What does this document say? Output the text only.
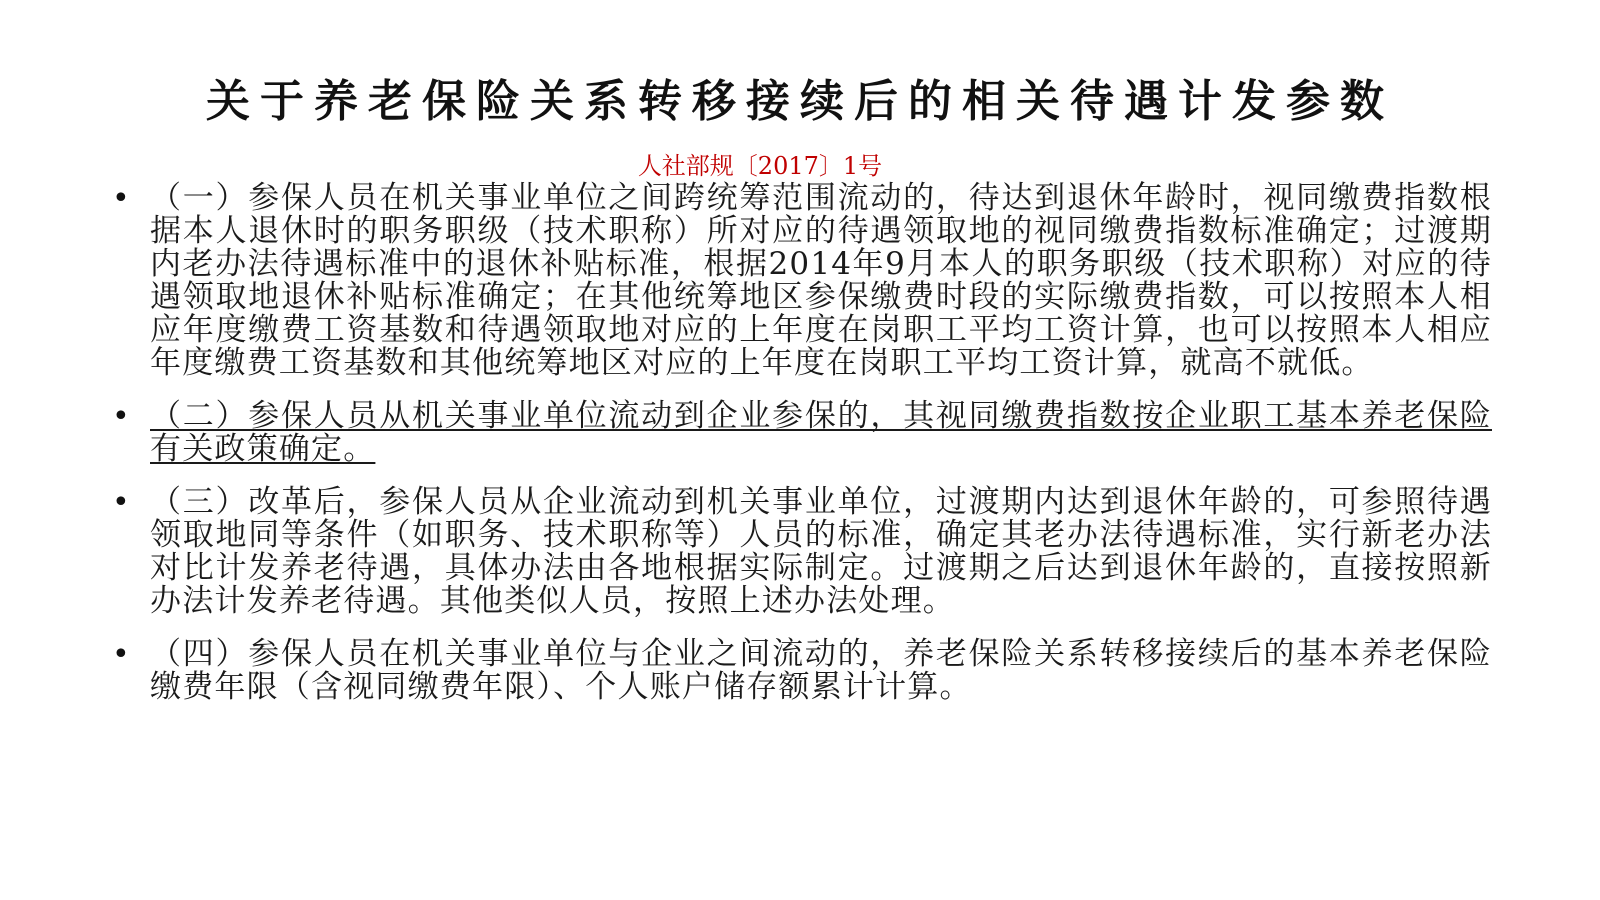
关于养老保险关系转移接续后的相关待遇计发参数
人社部规〔2017〕1号
• （一）参保人员在机关事业单位之间跨统筹范围流动的，待达到退休年龄时，视同缴费指数根据本人退休时的职务职级（技术职称）所对应的待遇领取地的视同缴费指数标准确定；过渡期内老办法待遇标准中的退休补贴标准，根据2014年9月本人的职务职级（技术职称）对应的待遇领取地退休补贴标准确定；在其他统筹地区参保缴费时段的实际缴费指数，可以按照本人相应年度缴费工资基数和待遇领取地对应的上年度在岗职工平均工资计算，也可以按照本人相应年度缴费工资基数和其他统筹地区对应的上年度在岗职工平均工资计算，就高不就低。
• （二）参保人员从机关事业单位流动到企业参保的，其视同缴费指数按企业职工基本养老保险有关政策确定。
• （三）改革后，参保人员从企业流动到机关事业单位，过渡期内达到退休年龄的，可参照待遇领取地同等条件（如职务、技术职称等）人员的标准，确定其老办法待遇标准，实行新老办法对比计发养老待遇，具体办法由各地根据实际制定。过渡期之后达到退休年龄的，直接按照新办法计发养老待遇。其他类似人员，按照上述办法处理。
• （四）参保人员在机关事业单位与企业之间流动的，养老保险关系转移接续后的基本养老保险缴费年限（含视同缴费年限）、个人账户储存额累计计算。
